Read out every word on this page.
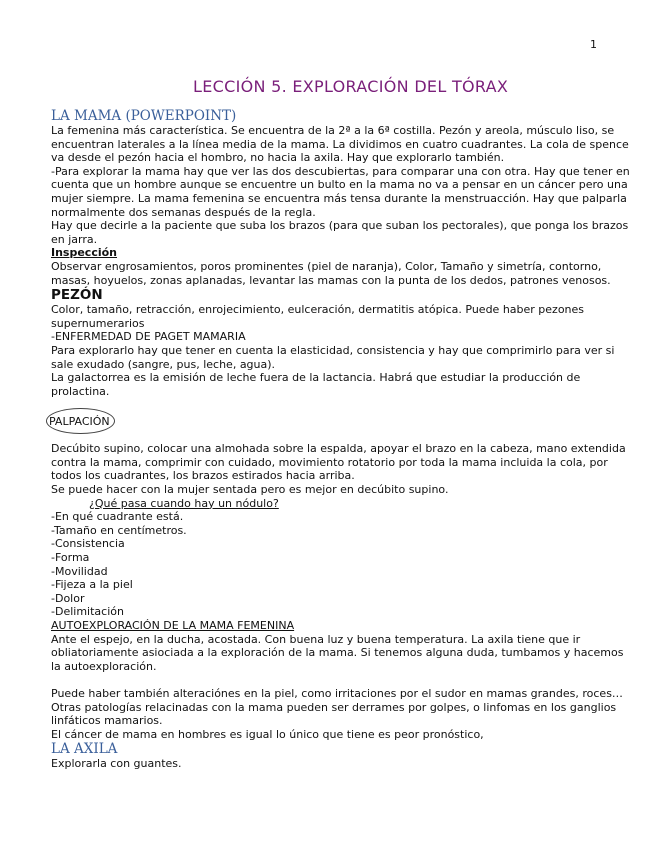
1
LECCIÓN 5. EXPLORACIÓN DEL TÓRAX

LA MAMA (POWERPOINT)

La femenina más característica. Se encuentra de la 2ª a la 6ª costilla. Pezón y areola, músculo liso, se encuentran laterales a la línea media de la mama. La dividimos en cuatro cuadrantes. La cola de spence va desde el pezón hacia el hombro, no hacia la axila. Hay que explorarlo también.

-Para explorar la mama hay que ver las dos descubiertas, para comparar una con otra. Hay que tener en cuenta que un hombre aunque se encuentre un bulto en la mama no va a pensar en un cáncer pero una mujer siempre. La mama femenina se encuentra más tensa durante la menstruacción. Hay que palparla normalmente dos semanas después de la regla.

Hay que decirle a la paciente que suba los brazos (para que suban los pectorales), que ponga los brazos en jarra.

Inspección

Observar engrosamientos, poros prominentes (piel de naranja), Color, Tamaño y simetría, contorno, masas, hoyuelos, zonas aplanadas, levantar las mamas con la punta de los dedos, patrones venosos.

PEZÓN

Color, tamaño, retracción, enrojecimiento, eulceración, dermatitis atópica. Puede haber pezones supernumerarios

-ENFERMEDAD DE PAGET MAMARIA

Para explorarlo hay que tener en cuenta la elasticidad, consistencia y hay que comprimirlo para ver si sale exudado (sangre, pus, leche, agua).

La galactorrea es la emisión de leche fuera de la lactancia. Habrá que estudiar la producción de prolactina.

PALPACIÓN

Decúbito supino, colocar una almohada sobre la espalda, apoyar el brazo en la cabeza, mano extendida contra la mama, comprimir con cuidado, movimiento rotatorio por toda la mama incluida la cola, por todos los cuadrantes, los brazos estirados hacia arriba.

Se puede hacer con la mujer sentada pero es mejor en decúbito supino.

¿Qué pasa cuando hay un nódulo?

-En qué cuadrante está.

-Tamaño en centímetros.

-Consistencia

-Forma

-Movilidad

-Fijeza a la piel

-Dolor

-Delimitación

AUTOEXPLORACIÓN DE LA MAMA FEMENINA

Ante el espejo, en la ducha, acostada. Con buena luz y buena temperatura. La axila tiene que ir obliatoriamente asiociada a la exploración de la mama. Si tenemos alguna duda, tumbamos y hacemos la autoexploración.

Puede haber también alteraciónes en la piel, como irritaciones por el sudor en mamas grandes, roces…

Otras patologías relacinadas con la mama pueden ser derrames por golpes, o linfomas en los ganglios linfáticos mamarios.

El cáncer de mama en hombres es igual lo único que tiene es peor pronóstico,

LA AXILA

Explorarla con guantes.
